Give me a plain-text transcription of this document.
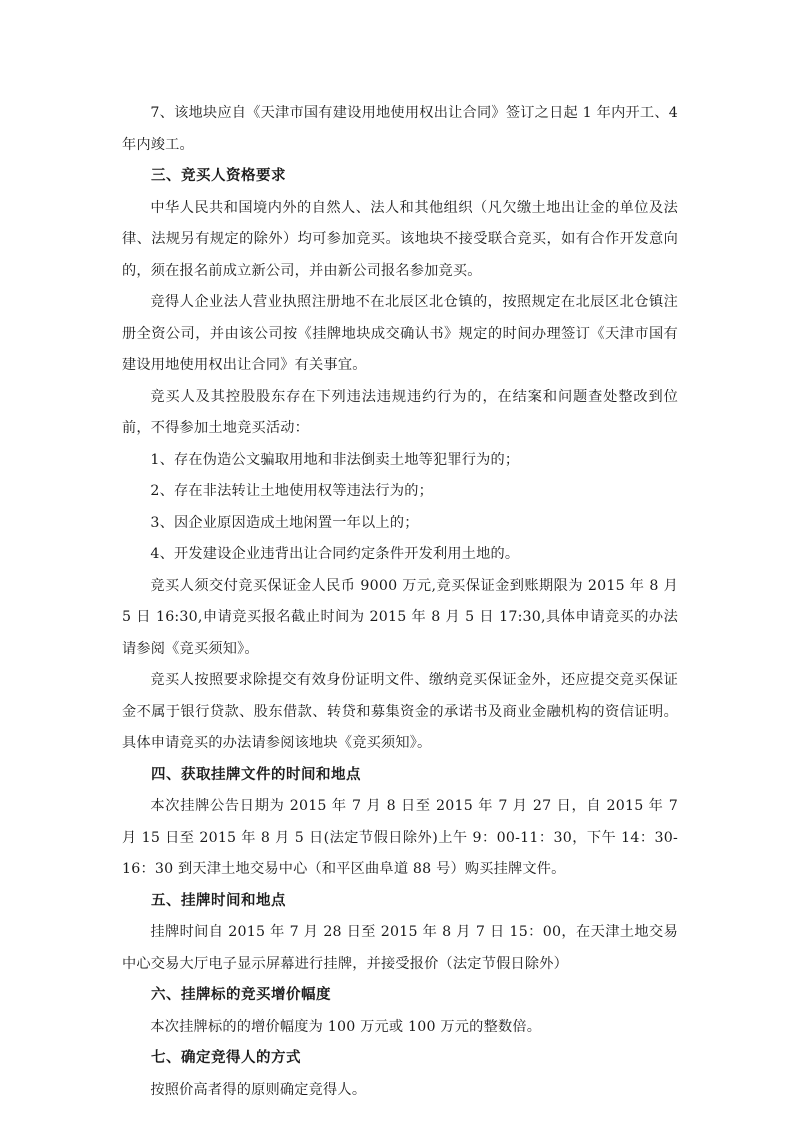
7、该地块应自《天津市国有建设用地使用权出让合同》签订之日起 1 年内开工、4 年内竣工。

三、竞买人资格要求

中华人民共和国境内外的自然人、法人和其他组织（凡欠缴土地出让金的单位及法律、法规另有规定的除外）均可参加竞买。该地块不接受联合竞买，如有合作开发意向的，须在报名前成立新公司，并由新公司报名参加竞买。

竞得人企业法人营业执照注册地不在北辰区北仓镇的，按照规定在北辰区北仓镇注册全资公司，并由该公司按《挂牌地块成交确认书》规定的时间办理签订《天津市国有建设用地使用权出让合同》有关事宜。

竞买人及其控股股东存在下列违法违规违约行为的，在结案和问题查处整改到位前，不得参加土地竞买活动：

1、存在伪造公文骗取用地和非法倒卖土地等犯罪行为的；

2、存在非法转让土地使用权等违法行为的；

3、因企业原因造成土地闲置一年以上的；

4、开发建设企业违背出让合同约定条件开发利用土地的。

竞买人须交付竞买保证金人民币 9000 万元,竞买保证金到账期限为 2015 年 8 月 5 日 16:30,申请竞买报名截止时间为 2015 年 8 月 5 日 17:30,具体申请竞买的办法请参阅《竞买须知》。

竞买人按照要求除提交有效身份证明文件、缴纳竞买保证金外，还应提交竞买保证金不属于银行贷款、股东借款、转贷和募集资金的承诺书及商业金融机构的资信证明。具体申请竞买的办法请参阅该地块《竞买须知》。

四、获取挂牌文件的时间和地点

本次挂牌公告日期为 2015 年 7 月 8 日至 2015 年 7 月 27 日，自 2015 年 7 月 15 日至 2015 年 8 月 5 日(法定节假日除外)上午 9：00-11：30，下午 14：30-16：30 到天津土地交易中心（和平区曲阜道 88 号）购买挂牌文件。

五、挂牌时间和地点

挂牌时间自 2015 年 7 月 28 日至 2015 年 8 月 7 日 15：00，在天津土地交易中心交易大厅电子显示屏幕进行挂牌，并接受报价（法定节假日除外）

六、挂牌标的竞买增价幅度

本次挂牌标的的增价幅度为 100 万元或 100 万元的整数倍。

七、确定竞得人的方式

按照价高者得的原则确定竞得人。
